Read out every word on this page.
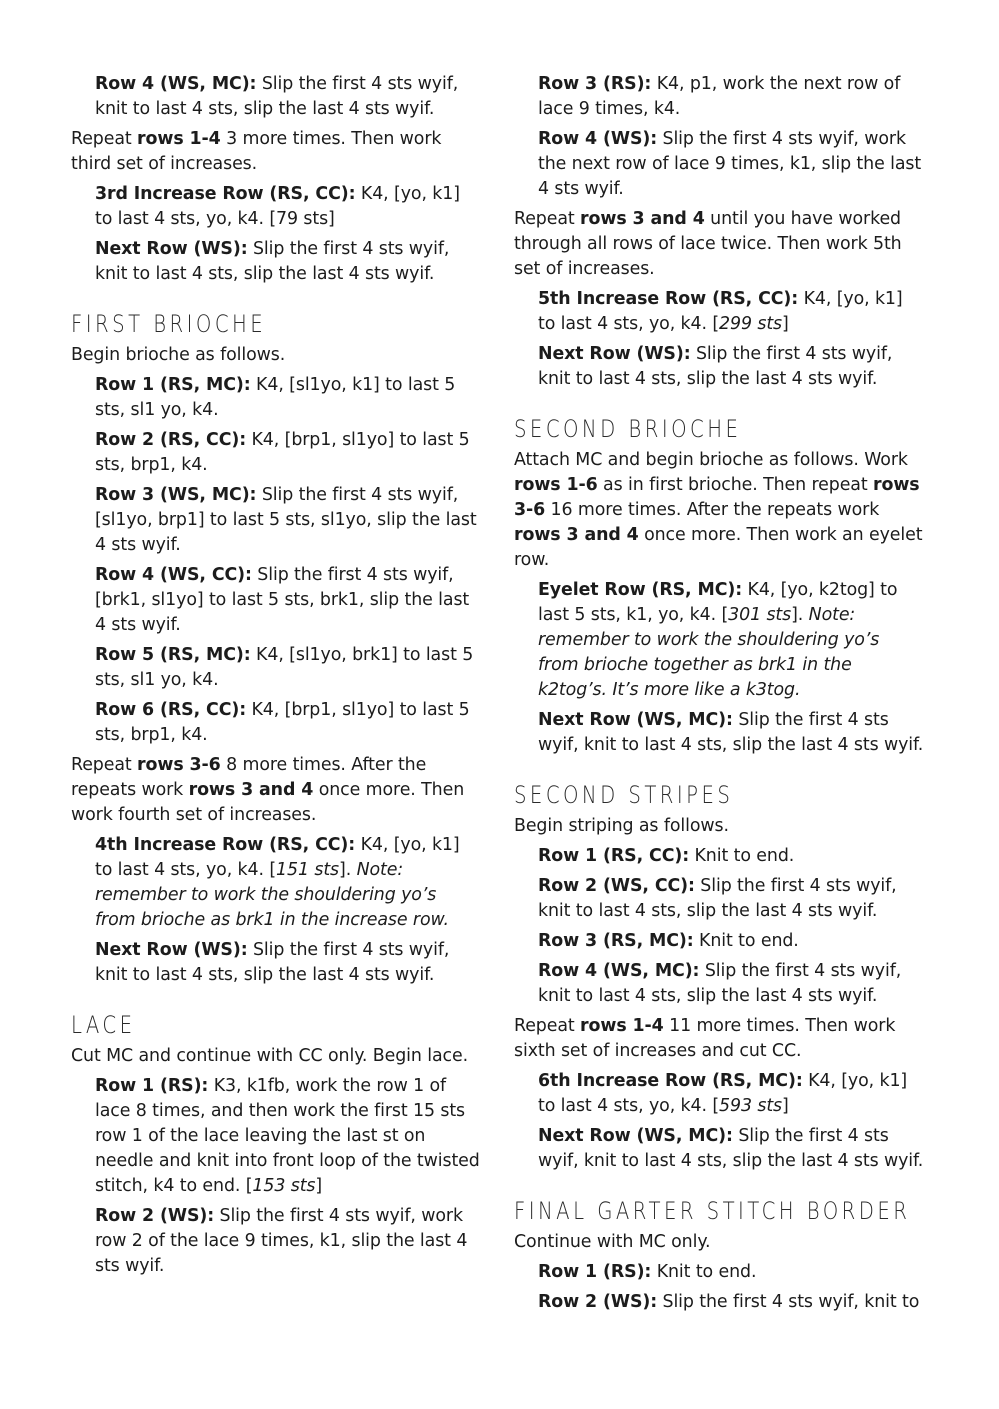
Row 4 (WS, MC): Slip the first 4 sts wyif, knit to last 4 sts, slip the last 4 sts wyif.

Repeat rows 1-4 3 more times. Then work third set of increases.

3rd Increase Row (RS, CC): K4, [yo, k1] to last 4 sts, yo, k4. [79 sts]

Next Row (WS): Slip the first 4 sts wyif, knit to last 4 sts, slip the last 4 sts wyif.

FIRST BRIOCHE

Begin brioche as follows.

Row 1 (RS, MC): K4, [sl1yo, k1] to last 5 sts, sl1 yo, k4.

Row 2 (RS, CC): K4, [brp1, sl1yo] to last 5 sts, brp1, k4.

Row 3 (WS, MC): Slip the first 4 sts wyif, [sl1yo, brp1] to last 5 sts, sl1yo, slip the last 4 sts wyif.

Row 4 (WS, CC): Slip the first 4 sts wyif, [brk1, sl1yo] to last 5 sts, brk1, slip the last 4 sts wyif.

Row 5 (RS, MC): K4, [sl1yo, brk1] to last 5 sts, sl1 yo, k4.

Row 6 (RS, CC): K4, [brp1, sl1yo] to last 5 sts, brp1, k4.

Repeat rows 3-6 8 more times. After the repeats work rows 3 and 4 once more. Then work fourth set of increases.

4th Increase Row (RS, CC): K4, [yo, k1] to last 4 sts, yo, k4. [151 sts]. Note: remember to work the shouldering yo’s from brioche as brk1 in the increase row.

Next Row (WS): Slip the first 4 sts wyif, knit to last 4 sts, slip the last 4 sts wyif.

LACE

Cut MC and continue with CC only. Begin lace.

Row 1 (RS): K3, k1fb, work the row 1 of lace 8 times, and then work the first 15 sts row 1 of the lace leaving the last st on needle and knit into front loop of the twisted stitch, k4 to end. [153 sts]

Row 2 (WS): Slip the first 4 sts wyif, work row 2 of the lace 9 times, k1, slip the last 4 sts wyif.

Row 3 (RS): K4, p1, work the next row of lace 9 times, k4.

Row 4 (WS): Slip the first 4 sts wyif, work the next row of lace 9 times, k1, slip the last 4 sts wyif.

Repeat rows 3 and 4 until you have worked through all rows of lace twice. Then work 5th set of increases.

5th Increase Row (RS, CC): K4, [yo, k1] to last 4 sts, yo, k4. [299 sts]

Next Row (WS): Slip the first 4 sts wyif, knit to last 4 sts, slip the last 4 sts wyif.

SECOND BRIOCHE

Attach MC and begin brioche as follows. Work rows 1-6 as in first brioche. Then repeat rows 3-6 16 more times. After the repeats work rows 3 and 4 once more. Then work an eyelet row.

Eyelet Row (RS, MC): K4, [yo, k2tog] to last 5 sts, k1, yo, k4. [301 sts]. Note: remember to work the shouldering yo’s from brioche together as brk1 in the k2tog’s. It’s more like a k3tog.

Next Row (WS, MC): Slip the first 4 sts wyif, knit to last 4 sts, slip the last 4 sts wyif.

SECOND STRIPES

Begin striping as follows.

Row 1 (RS, CC): Knit to end.

Row 2 (WS, CC): Slip the first 4 sts wyif, knit to last 4 sts, slip the last 4 sts wyif.

Row 3 (RS, MC): Knit to end.

Row 4 (WS, MC): Slip the first 4 sts wyif, knit to last 4 sts, slip the last 4 sts wyif.

Repeat rows 1-4 11 more times. Then work sixth set of increases and cut CC.

6th Increase Row (RS, MC): K4, [yo, k1] to last 4 sts, yo, k4. [593 sts]

Next Row (WS, MC): Slip the first 4 sts wyif, knit to last 4 sts, slip the last 4 sts wyif.

FINAL GARTER STITCH BORDER

Continue with MC only.

Row 1 (RS): Knit to end.

Row 2 (WS): Slip the first 4 sts wyif, knit to
